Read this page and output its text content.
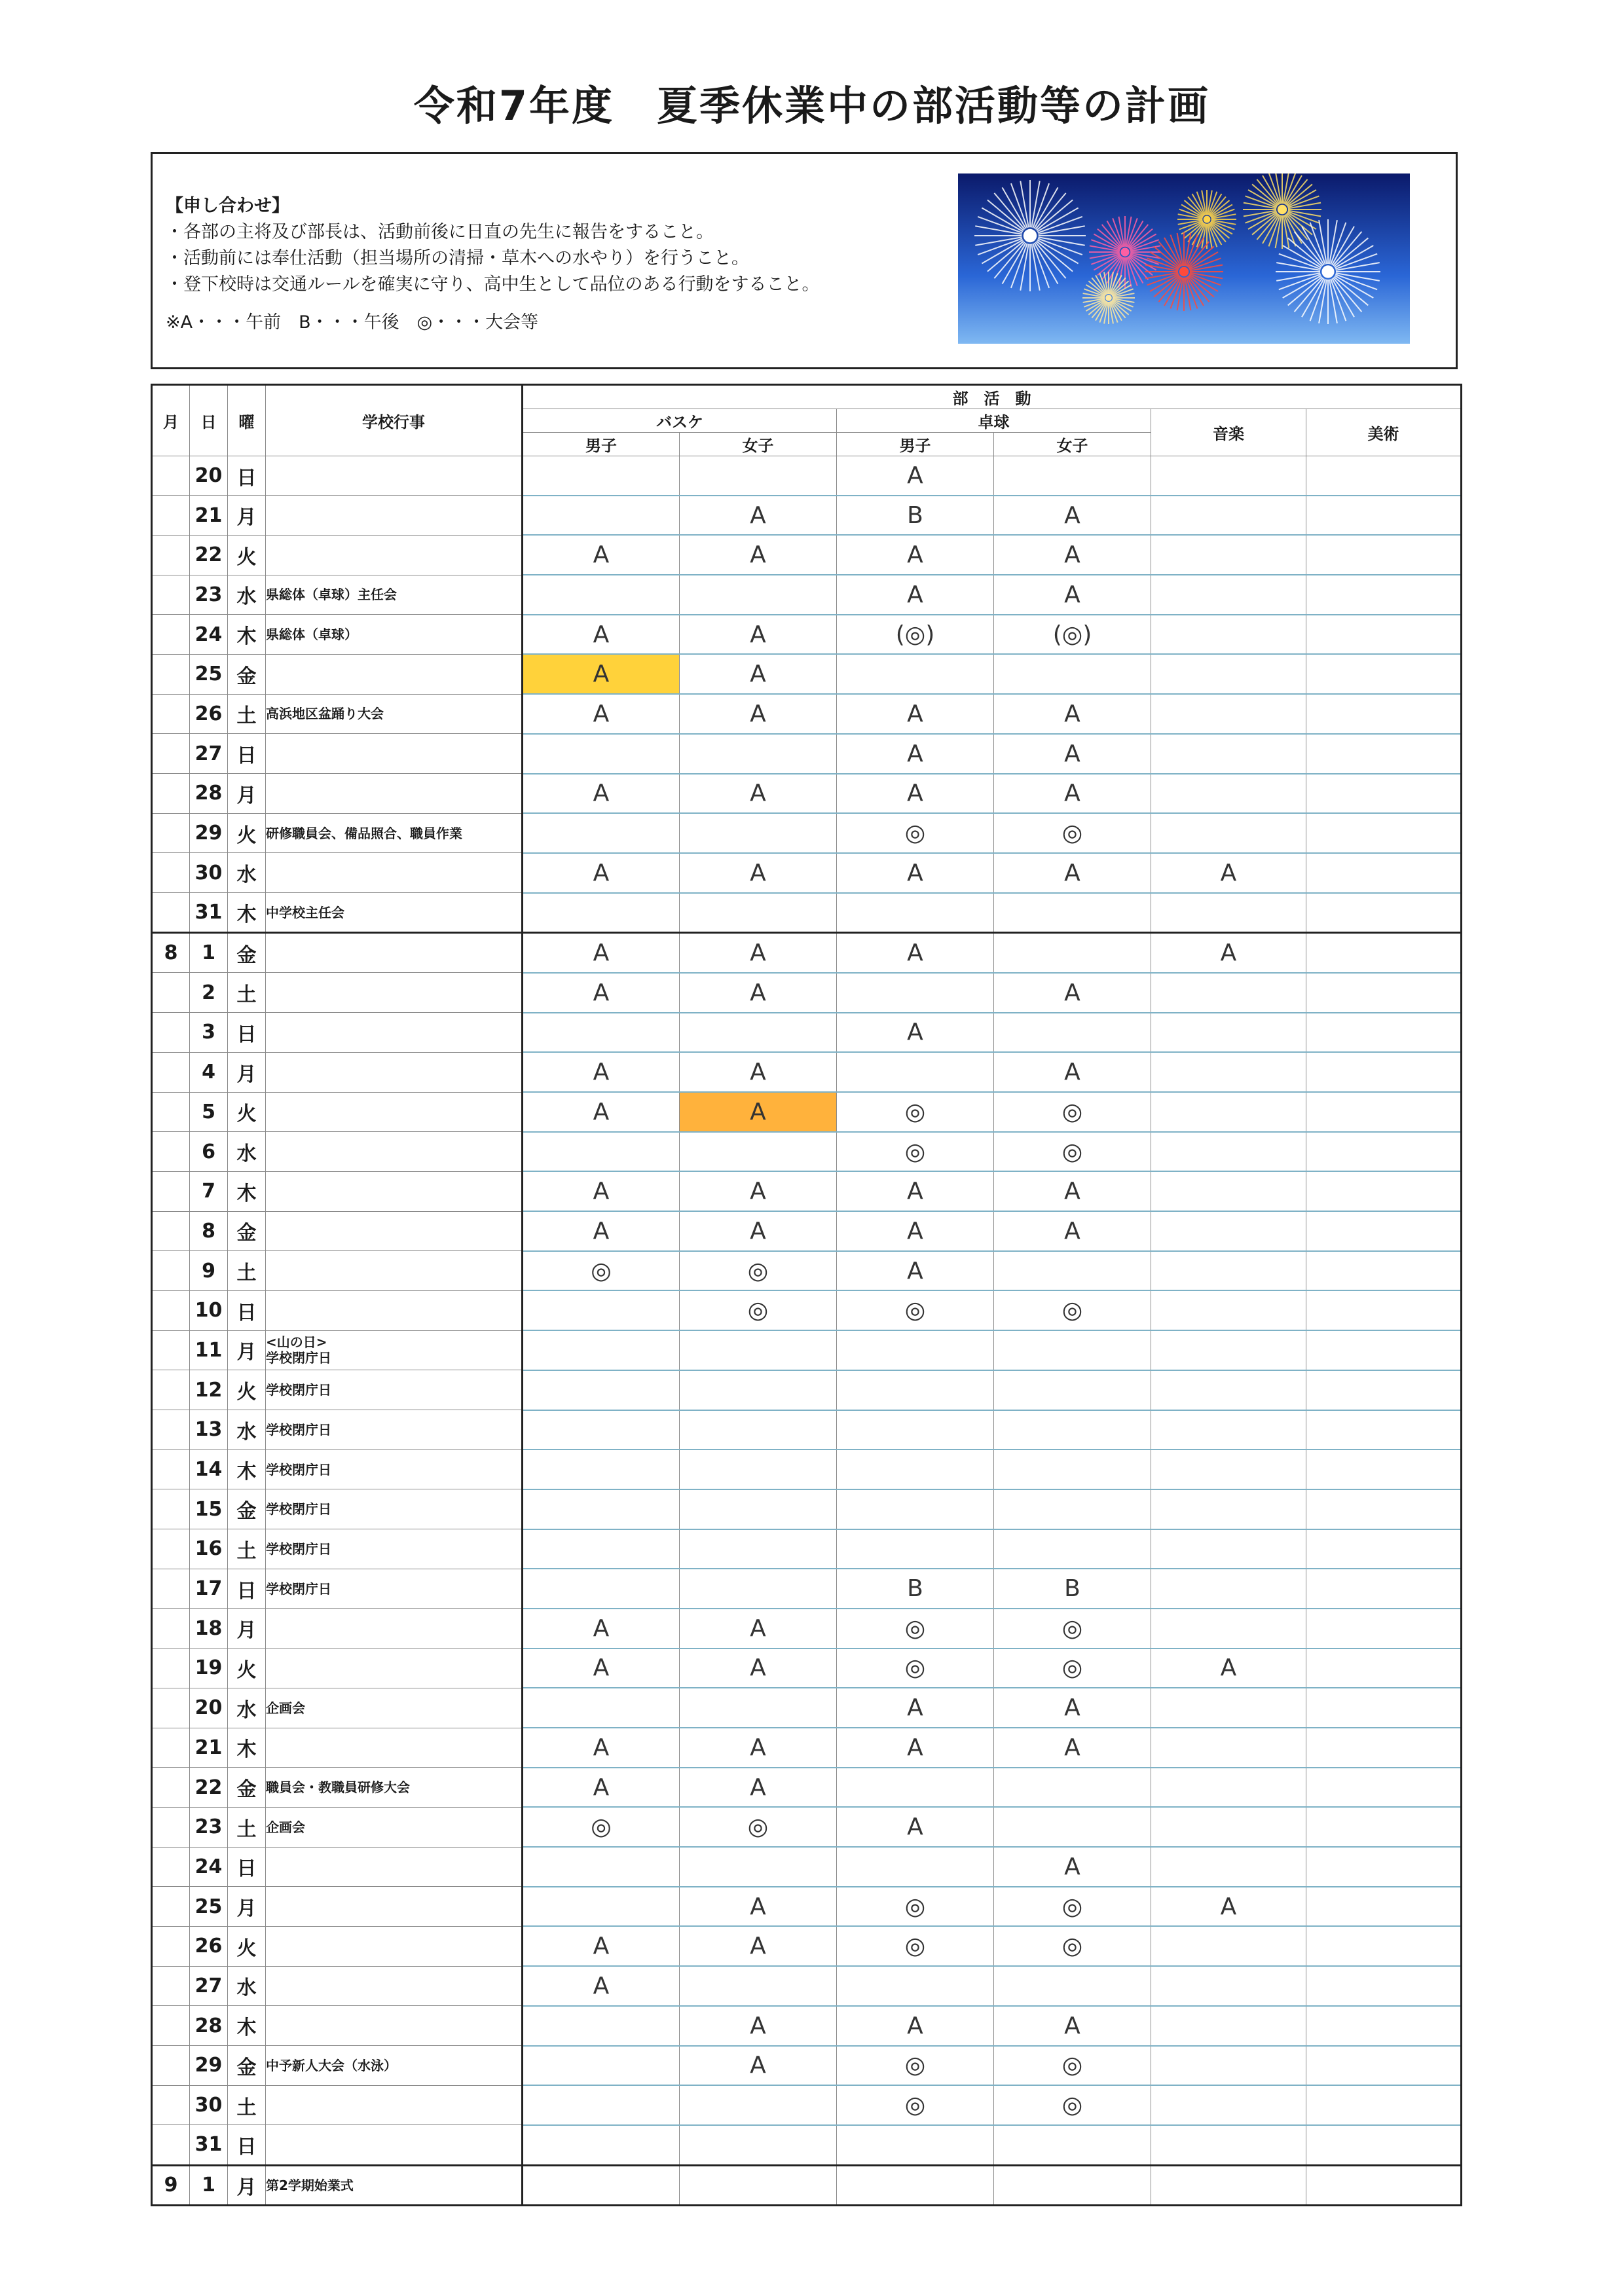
令和7年度　夏季休業中の部活動等の計画
【申し合わせ】
・各部の主将及び部長は、活動前後に日直の先生に報告をすること。
・活動前には奉仕活動（担当場所の清掃・草木への水やり）を行うこと。
・登下校時は交通ルールを確実に守り、高中生として品位のある行動をすること。
※A・・・午前　B・・・午後　◎・・・大会等
月	日	曜	学校行事	部　活　動					
				バスケ		卓球		音楽	美術
				男子	女子	男子	女子		
	20	日				A			
	21	月			A	B	A		
	22	火		A	A	A	A		
	23	水	県総体（卓球）主任会			A	A		
	24	木	県総体（卓球）	A	A	(◎)	(◎)		
	25	金		A	A				
	26	土	高浜地区盆踊り大会	A	A	A	A		
	27	日				A	A		
	28	月		A	A	A	A		
	29	火	研修職員会、備品照合、職員作業			◎	◎		
	30	水		A	A	A	A	A	
	31	木	中学校主任会						

8	1	金		A	A	A		A	
	2	土		A	A		A		
	3	日				A			
	4	月		A	A		A		
	5	火		A	A	◎	◎		
	6	水				◎	◎		
	7	木		A	A	A	A		
	8	金		A	A	A	A		
	9	土		◎	◎	A			
	10	日			◎	◎	◎		
	11	月	<山の日>
学校閉庁日						

	12	火	学校閉庁日						

	13	水	学校閉庁日						

	14	木	学校閉庁日						

	15	金	学校閉庁日						

	16	土	学校閉庁日						

	17	日	学校閉庁日			B	B		
	18	月		A	A	◎	◎		
	19	火		A	A	◎	◎	A	
	20	水	企画会			A	A		
	21	木		A	A	A	A		
	22	金	職員会・教職員研修大会	A	A				
	23	土	企画会	◎	◎	A			
	24	日					A		
	25	月			A	◎	◎	A	
	26	火		A	A	◎	◎		
	27	水		A					
	28	木			A	A	A		
	29	金	中予新人大会（水泳）		A	◎	◎		
	30	土				◎	◎		
	31	日	

9	1	月	第2学期始業式						
